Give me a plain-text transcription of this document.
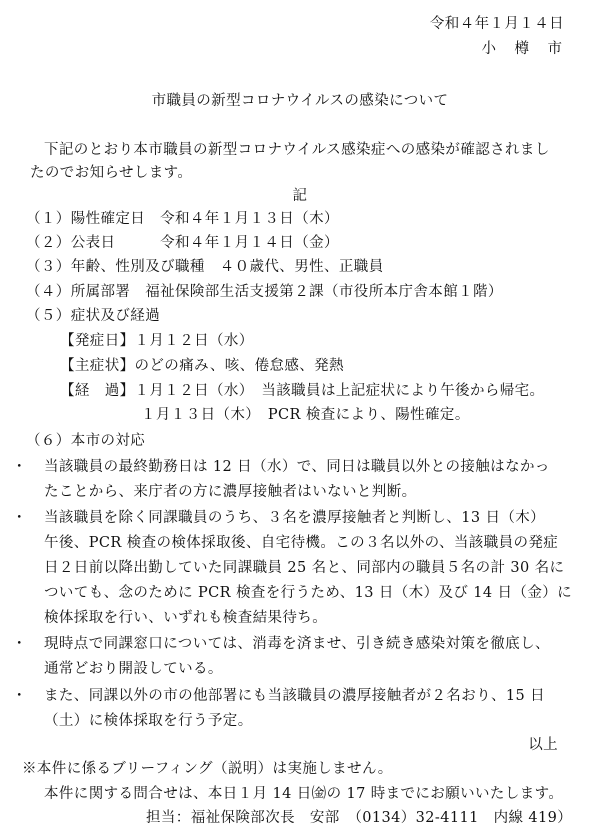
令和４年１月１４日
小　樽　市
市職員の新型コロナウイルスの感染について
下記のとおり本市職員の新型コロナウイルス感染症への感染が確認されまし
たのでお知らせします。
記
（１）陽性確定日　令和４年１月１３日（木）
（２）公表日　　　令和４年１月１４日（金）
（３）年齢、性別及び職種　４０歳代、男性、正職員
（４）所属部署　福祉保険部生活支援第２課（市役所本庁舎本館１階）
（５）症状及び経過
【発症日】１月１２日（水）
【主症状】のどの痛み、咳、倦怠感、発熱
【経　過】１月１２日（水）　当該職員は上記症状により午後から帰宅。
１月１３日（木）　PCR 検査により、陽性確定。
（６）本市の対応
・ 当該職員の最終勤務日は 12 日（水）で、同日は職員以外との接触はなかっ
たことから、来庁者の方に濃厚接触者はいないと判断。
・ 当該職員を除く同課職員のうち、３名を濃厚接触者と判断し、13 日（木）
午後、PCR 検査の検体採取後、自宅待機。この３名以外の、当該職員の発症
日２日前以降出勤していた同課職員 25 名と、同部内の職員５名の計 30 名に
ついても、念のために PCR 検査を行うため、13 日（木）及び 14 日（金）に
検体採取を行い、いずれも検査結果待ち。
・ 現時点で同課窓口については、消毒を済ませ、引き続き感染対策を徹底し、
通常どおり開設している。
・ また、同課以外の市の他部署にも当該職員の濃厚接触者が２名おり、15 日
（土）に検体採取を行う予定。
以上
※本件に係るブリーフィング（説明）は実施しません。
本件に関する問合せは、本日１月 14 日㈮の 17 時までにお願いいたします。
担当：福祉保険部次長　安部　（0134）32-4111　内線 419）
